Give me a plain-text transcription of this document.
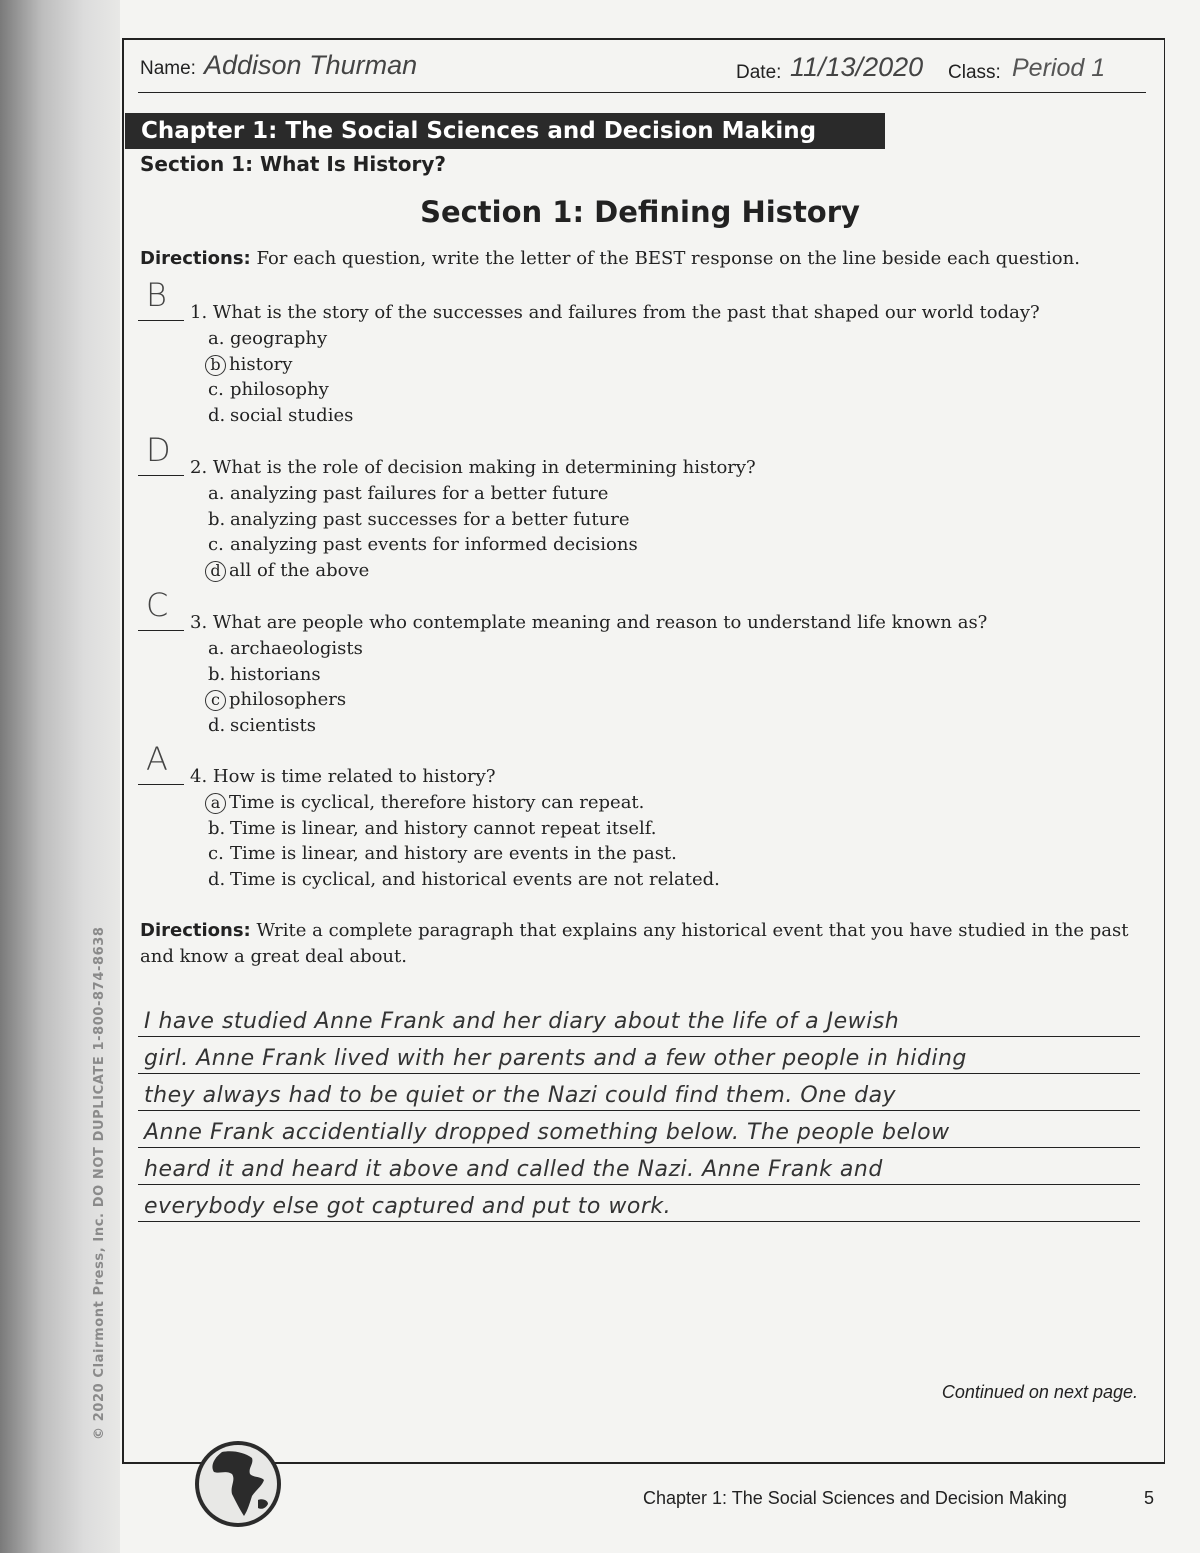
© 2020 Clairmont Press, Inc. DO NOT DUPLICATE 1-800-874-8638
Name: Addison Thurman	Date: 11/13/2020 Class: Period 1
Chapter 1: The Social Sciences and Decision Making
Section 1: What Is History?
Section 1: Defining History
Directions: For each question, write the letter of the BEST response on the line beside each question.
B 1. What is the story of the successes and failures from the past that shaped our world today?
a. geography
b history
c. philosophy
d. social studies
D 2. What is the role of decision making in determining history?
a. analyzing past failures for a better future
b. analyzing past successes for a better future
c. analyzing past events for informed decisions
d all of the above
C 3. What are people who contemplate meaning and reason to understand life known as?
a. archaeologists
b. historians
c philosophers
d. scientists
A 4. How is time related to history?
a Time is cyclical, therefore history can repeat.
b. Time is linear, and history cannot repeat itself.
c. Time is linear, and history are events in the past.
d. Time is cyclical, and historical events are not related.
Directions: Write a complete paragraph that explains any historical event that you have studied in the past and know a great deal about.
I have studied Anne Frank and her diary about the life of a Jewish
girl. Anne Frank lived with her parents and a few other people in hiding
they always had to be quiet or the Nazi could find them. One day
Anne Frank accidentially dropped something below. The people below
heard it and heard it above and called the Nazi. Anne Frank and
everybody else got captured and put to work.
Continued on next page.
Chapter 1: The Social Sciences and Decision Making	5
